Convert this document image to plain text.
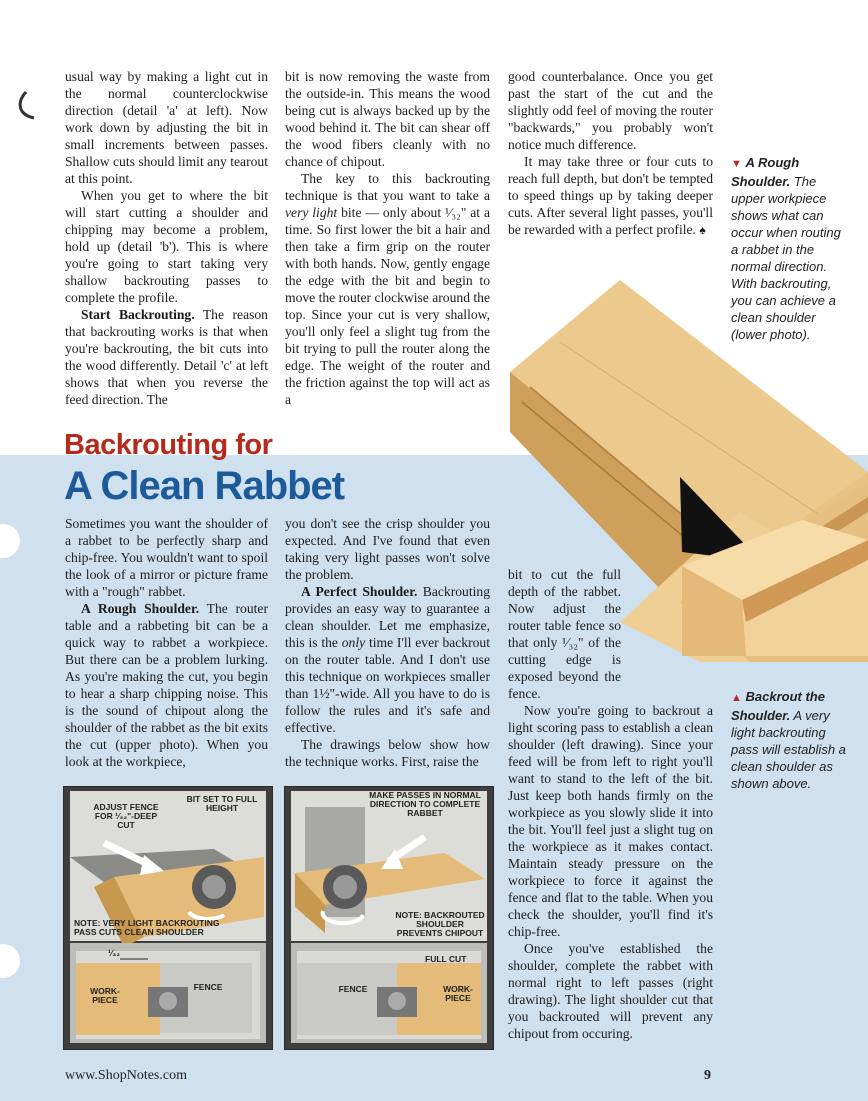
usual way by making a light cut in the normal counterclockwise direction (detail 'a' at left). Now work down by adjusting the bit in small increments between passes. Shallow cuts should limit any tearout at this point.

When you get to where the bit will start cutting a shoulder and chipping may become a problem, hold up (detail 'b'). This is where you're going to start taking very shallow backrouting passes to complete the profile.

Start Backrouting. The reason that backrouting works is that when you're backrouting, the bit cuts into the wood differently. Detail 'c' at left shows that when you reverse the feed direction. The

bit is now removing the waste from the outside-in. This means the wood being cut is always backed up by the wood behind it. The bit can shear off the wood fibers cleanly with no chance of chipout.

The key to this backrouting technique is that you want to take a very light bite — only about ¹⁄₃₂" at a time. So first lower the bit a hair and then take a firm grip on the router with both hands. Now, gently engage the edge with the bit and begin to move the router clockwise around the top. Since your cut is very shallow, you'll only feel a slight tug from the bit trying to pull the router along the edge. The weight of the router and the friction against the top will act as a

good counterbalance. Once you get past the start of the cut and the slightly odd feel of moving the router "backwards," you probably won't notice much difference.

It may take three or four cuts to reach full depth, but don't be tempted to speed things up by taking deeper cuts. After several light passes, you'll be rewarded with a perfect profile. ♠

▼ A Rough Shoulder. The upper workpiece shows what can occur when routing a rabbet in the normal direction. With backrouting, you can achieve a clean shoulder (lower photo).
▲ Backrout the Shoulder. A very light backrouting pass will establish a clean shoulder as shown above.
Backrouting for
A Clean Rabbet

Sometimes you want the shoulder of a rabbet to be perfectly sharp and chip-free. You wouldn't want to spoil the look of a mirror or picture frame with a "rough" rabbet.

A Rough Shoulder. The router table and a rabbeting bit can be a quick way to rabbet a workpiece. But there can be a problem lurking. As you're making the cut, you begin to hear a sharp chipping noise. This is the sound of chipout along the shoulder of the rabbet as the bit exits the cut (upper photo). When you look at the workpiece,

you don't see the crisp shoulder you expected. And I've found that even taking very light passes won't solve the problem.

A Perfect Shoulder. Backrouting provides an easy way to guarantee a clean shoulder. Let me emphasize, this is the only time I'll ever backrout on the router table. And I don't use this technique on workpieces smaller than 1½"-wide. All you have to do is follow the rules and it's safe and effective.

The drawings below show how the technique works. First, raise the

bit to cut the full depth of the rabbet. Now adjust the router table fence so that only ¹⁄₃₂" of the cutting edge is exposed beyond the fence.

Now you're going to backrout a light scoring pass to establish a clean shoulder (left drawing). Since your feed will be from left to right you'll want to stand to the left of the bit. Just keep both hands firmly on the workpiece as you slowly slide it into the bit. You'll feel just a slight tug on the workpiece as it makes contact. Maintain steady pressure on the workpiece to force it against the fence and flat to the table. When you check the shoulder, you'll find it's chip-free.

Once you've established the shoulder, complete the rabbet with normal right to left passes (right drawing). The light shoulder cut that you backrouted will prevent any chipout from occuring.

ADJUST FENCE FOR ¹⁄₃₂"-DEEP CUT
BIT SET TO FULL HEIGHT
NOTE: VERY LIGHT BACKROUTING PASS CUTS CLEAN SHOULDER
¹⁄₃₂
WORK-PIECE
FENCE
MAKE PASSES IN NORMAL DIRECTION TO COMPLETE RABBET
NOTE: BACKROUTED SHOULDER PREVENTS CHIPOUT
FULL CUT
FENCE	WORK-PIECE
www.ShopNotes.com	9
